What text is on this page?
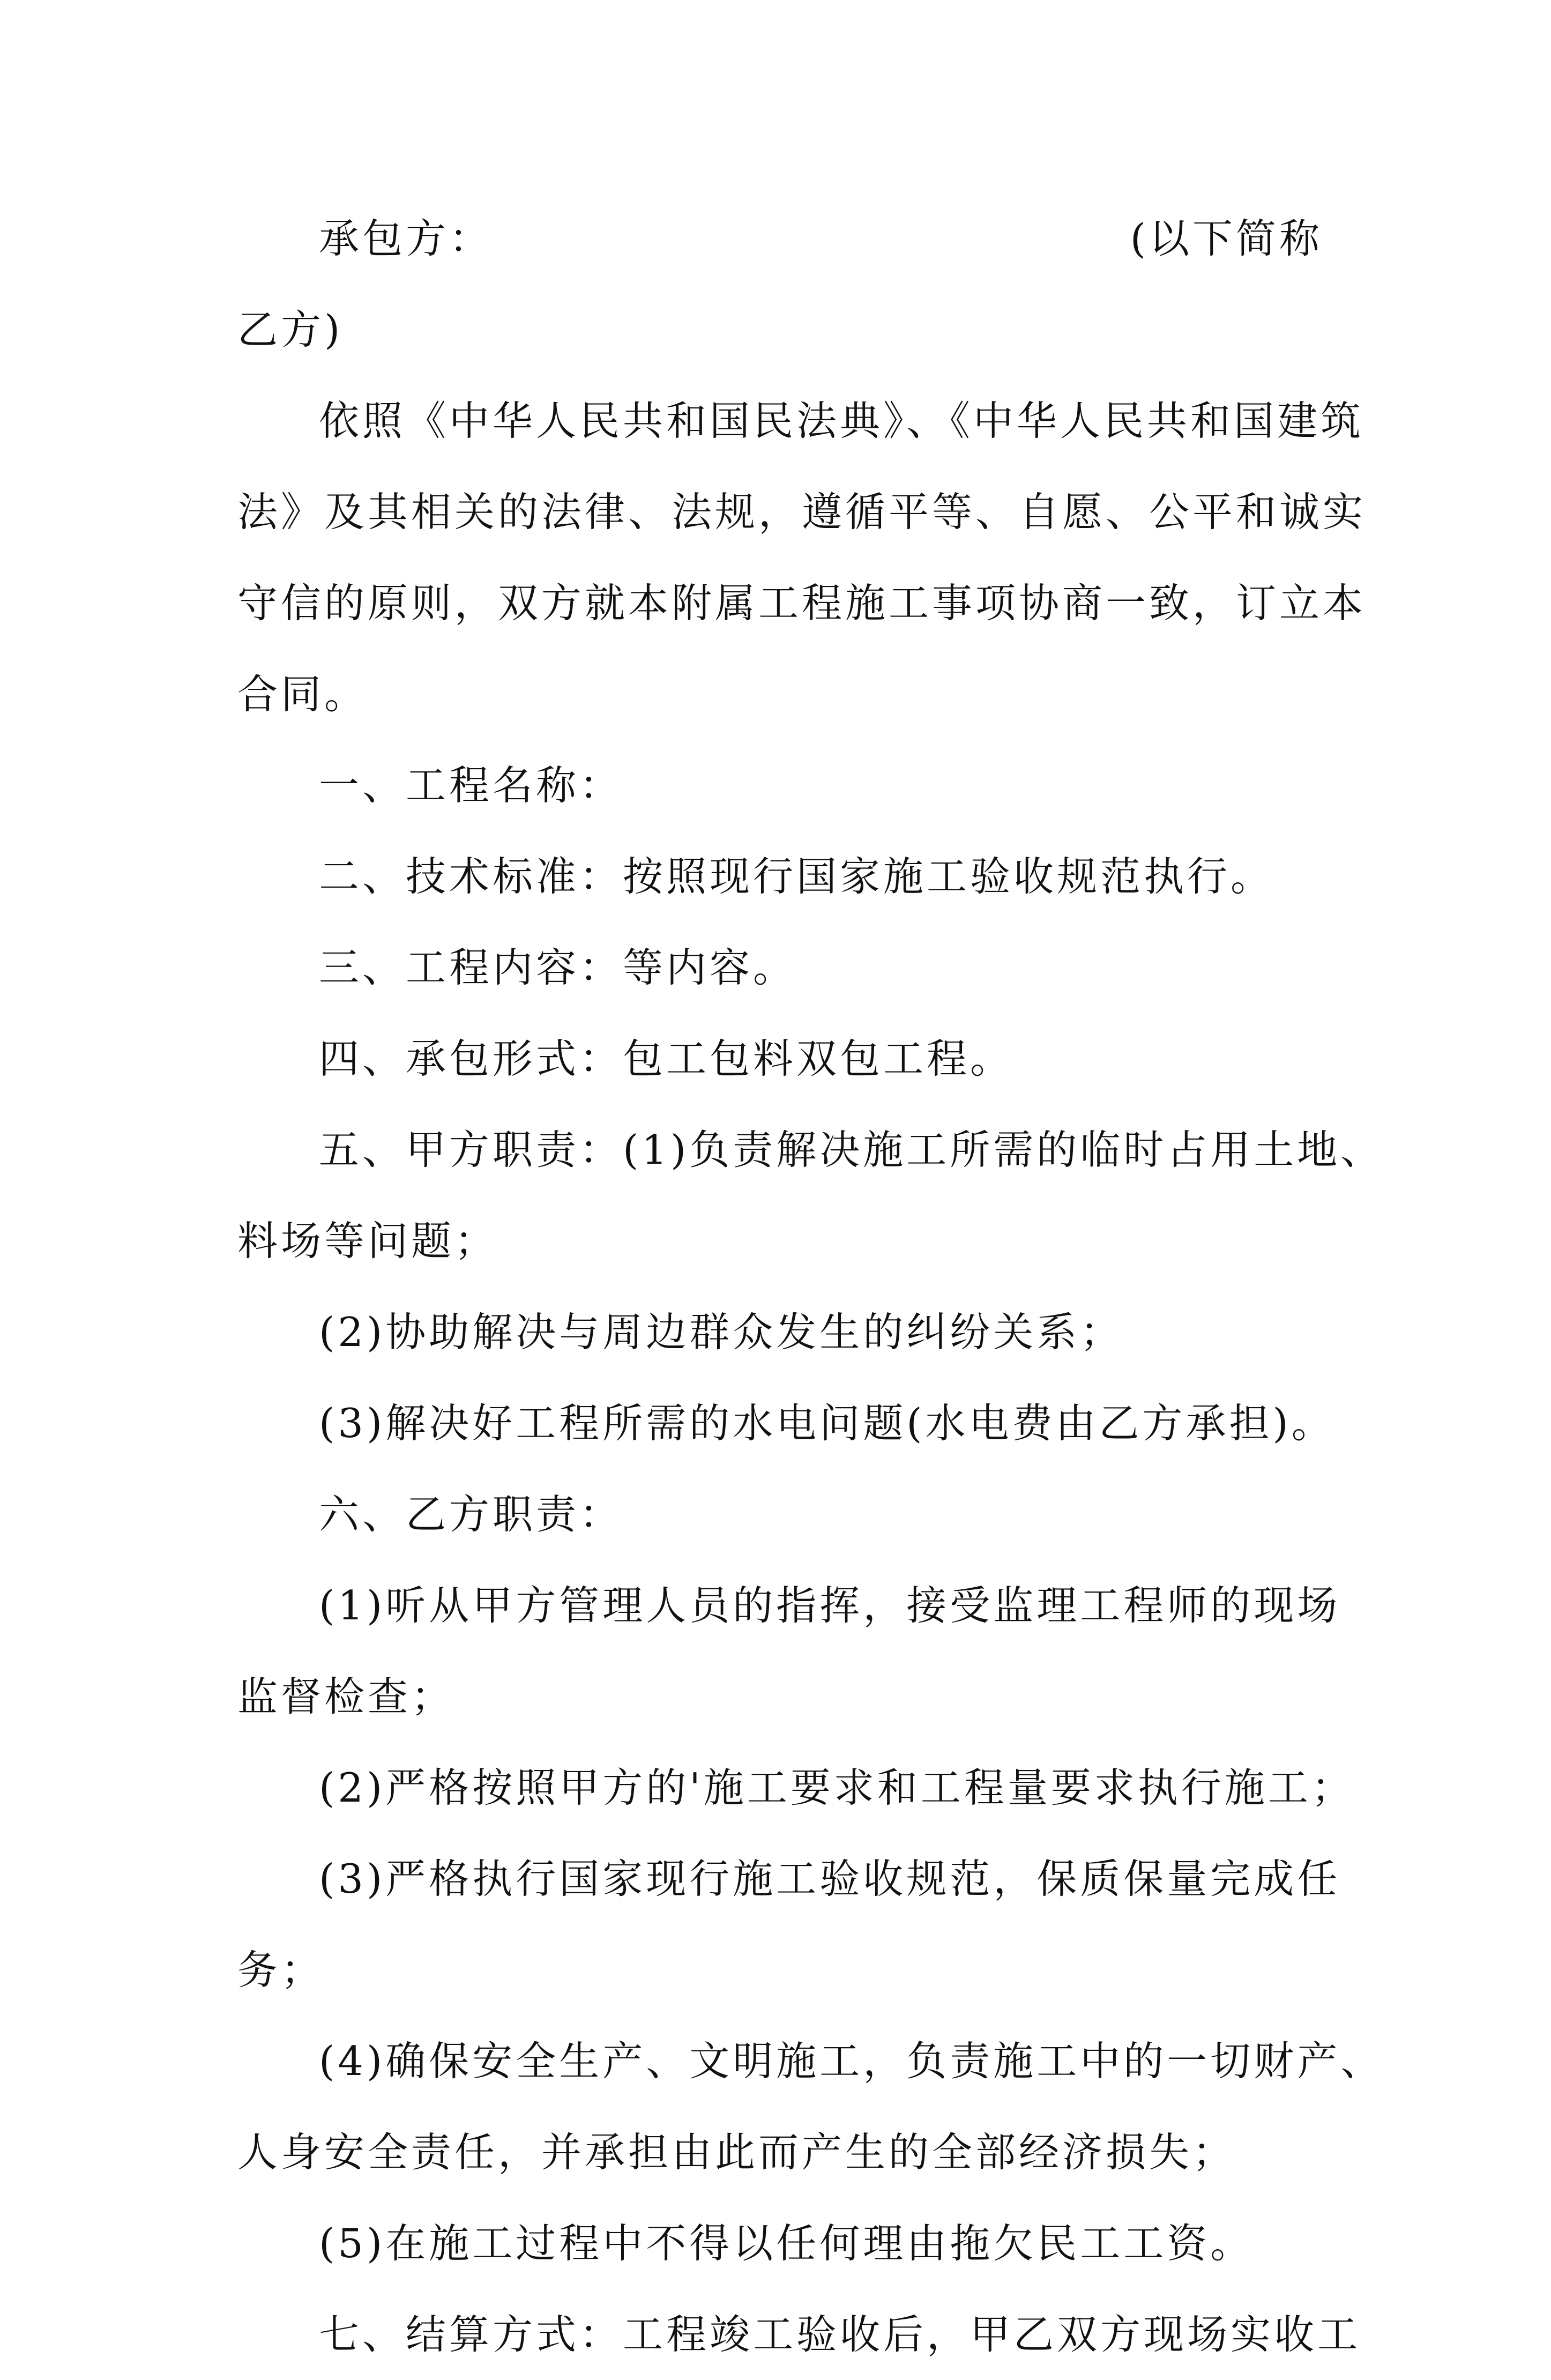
承包方：	(以下简称
乙方)
依照《中华人民共和国民法典》、《中华人民共和国建筑
法》及其相关的法律、法规，遵循平等、自愿、公平和诚实
守信的原则，双方就本附属工程施工事项协商一致，订立本
合同。
一、工程名称：
二、技术标准：按照现行国家施工验收规范执行。
三、工程内容：等内容。
四、承包形式：包工包料双包工程。
五、甲方职责：(1)负责解决施工所需的临时占用土地、
料场等问题；
(2)协助解决与周边群众发生的纠纷关系；
(3)解决好工程所需的水电问题(水电费由乙方承担)。
六、乙方职责：
(1)听从甲方管理人员的指挥，接受监理工程师的现场
监督检查；
(2)严格按照甲方的'施工要求和工程量要求执行施工；
(3)严格执行国家现行施工验收规范，保质保量完成任
务；
(4)确保安全生产、文明施工，负责施工中的一切财产、
人身安全责任，并承担由此而产生的全部经济损失；
(5)在施工过程中不得以任何理由拖欠民工工资。
七、结算方式：工程竣工验收后，甲乙双方现场实收工
